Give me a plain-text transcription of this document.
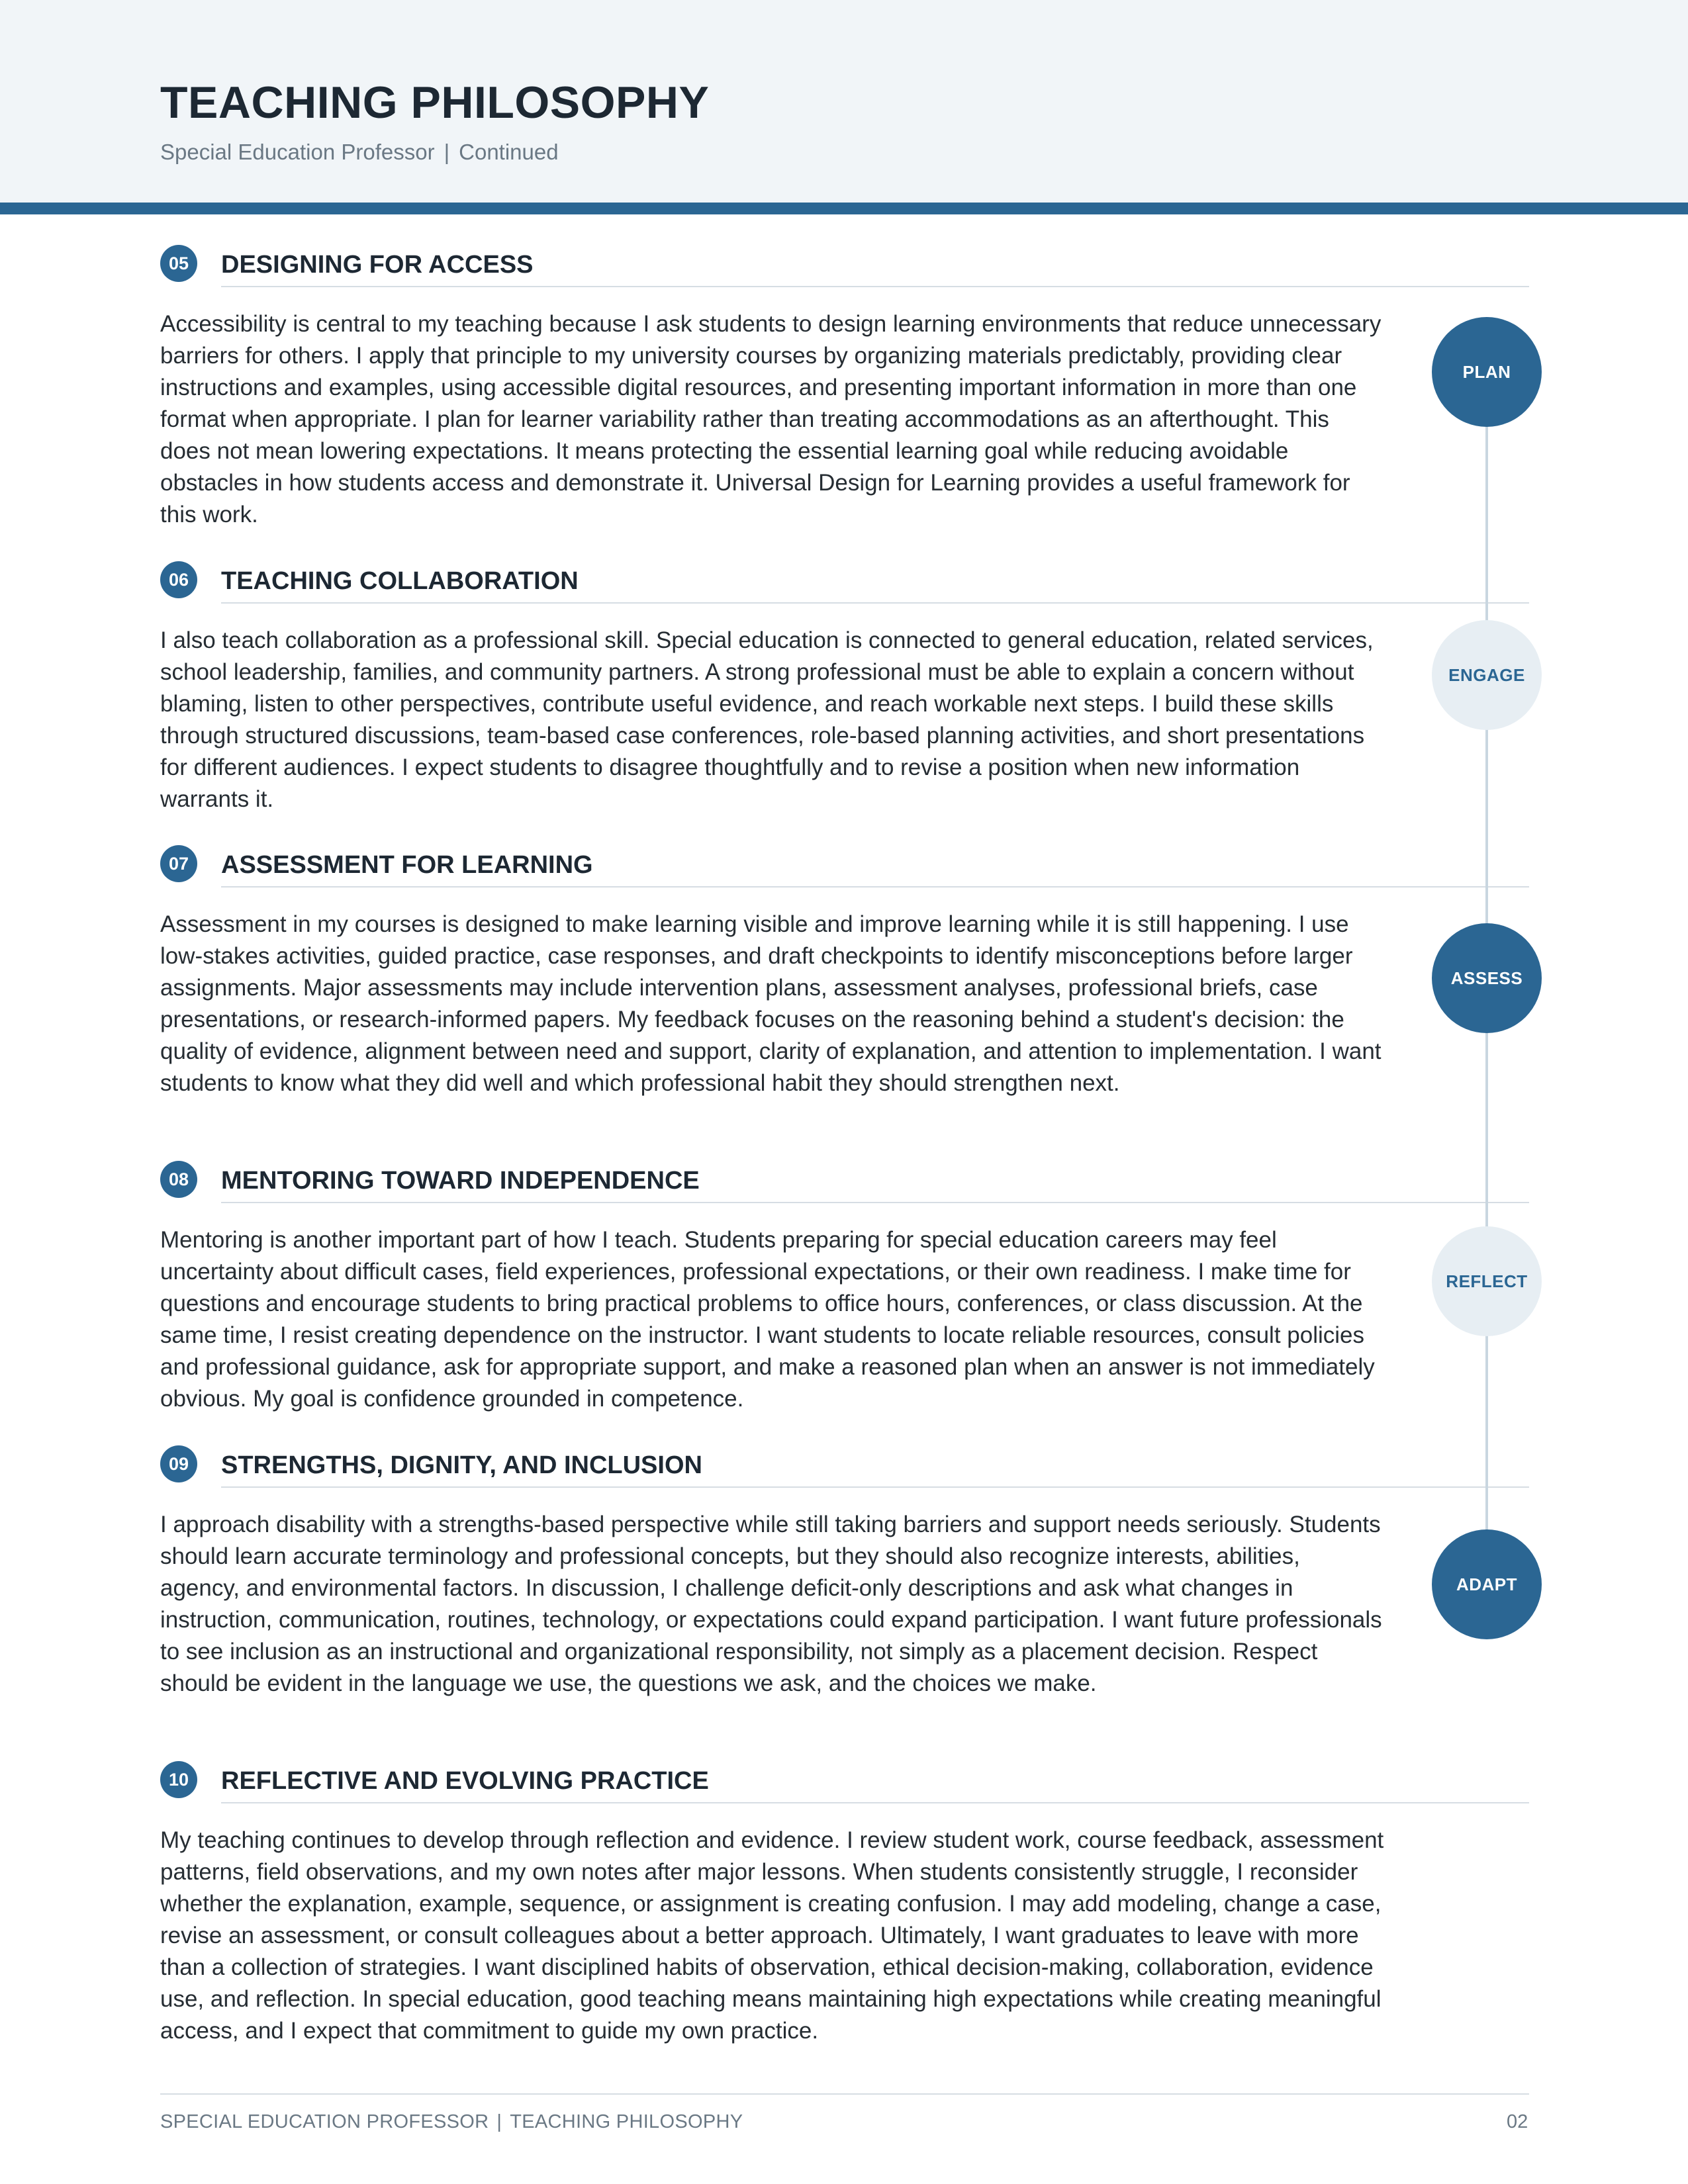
TEACHING PHILOSOPHY
Special Education Professor | Continued
05	DESIGNING FOR ACCESS

Accessibility is central to my teaching because I ask students to design learning environments that reduce unnecessary barriers for others. I apply that principle to my university courses by organizing materials predictably, providing clear instructions and examples, using accessible digital resources, and presenting important information in more than one format when appropriate. I plan for learner variability rather than treating accommodations as an afterthought. This does not mean lowering expectations. It means protecting the essential learning goal while reducing avoidable obstacles in how students access and demonstrate it. Universal Design for Learning provides a useful framework for this work.

06	TEACHING COLLABORATION

I also teach collaboration as a professional skill. Special education is connected to general education, related services, school leadership, families, and community partners. A strong professional must be able to explain a concern without blaming, listen to other perspectives, contribute useful evidence, and reach workable next steps. I build these skills through structured discussions, team-based case conferences, role-based planning activities, and short presentations for different audiences. I expect students to disagree thoughtfully and to revise a position when new information warrants it.

07	ASSESSMENT FOR LEARNING

Assessment in my courses is designed to make learning visible and improve learning while it is still happening. I use low-stakes activities, guided practice, case responses, and draft checkpoints to identify misconceptions before larger assignments. Major assessments may include intervention plans, assessment analyses, professional briefs, case presentations, or research-informed papers. My feedback focuses on the reasoning behind a student's decision: the quality of evidence, alignment between need and support, clarity of explanation, and attention to implementation. I want students to know what they did well and which professional habit they should strengthen next.

08	MENTORING TOWARD INDEPENDENCE

Mentoring is another important part of how I teach. Students preparing for special education careers may feel uncertainty about difficult cases, field experiences, professional expectations, or their own readiness. I make time for questions and encourage students to bring practical problems to office hours, conferences, or class discussion. At the same time, I resist creating dependence on the instructor. I want students to locate reliable resources, consult policies and professional guidance, ask for appropriate support, and make a reasoned plan when an answer is not immediately obvious. My goal is confidence grounded in competence.

09	STRENGTHS, DIGNITY, AND INCLUSION

I approach disability with a strengths-based perspective while still taking barriers and support needs seriously. Students should learn accurate terminology and professional concepts, but they should also recognize interests, abilities, agency, and environmental factors. In discussion, I challenge deficit-only descriptions and ask what changes in instruction, communication, routines, technology, or expectations could expand participation. I want future professionals to see inclusion as an instructional and organizational responsibility, not simply as a placement decision. Respect should be evident in the language we use, the questions we ask, and the choices we make.

10	REFLECTIVE AND EVOLVING PRACTICE

My teaching continues to develop through reflection and evidence. I review student work, course feedback, assessment patterns, field observations, and my own notes after major lessons. When students consistently struggle, I reconsider whether the explanation, example, sequence, or assignment is creating confusion. I may add modeling, change a case, revise an assessment, or consult colleagues about a better approach. Ultimately, I want graduates to leave with more than a collection of strategies. I want disciplined habits of observation, ethical decision-making, collaboration, evidence use, and reflection. In special education, good teaching means maintaining high expectations while creating meaningful access, and I expect that commitment to guide my own practice.

PLAN
ENGAGE
ASSESS
REFLECT
ADAPT
SPECIAL EDUCATION PROFESSOR | TEACHING PHILOSOPHY	02
